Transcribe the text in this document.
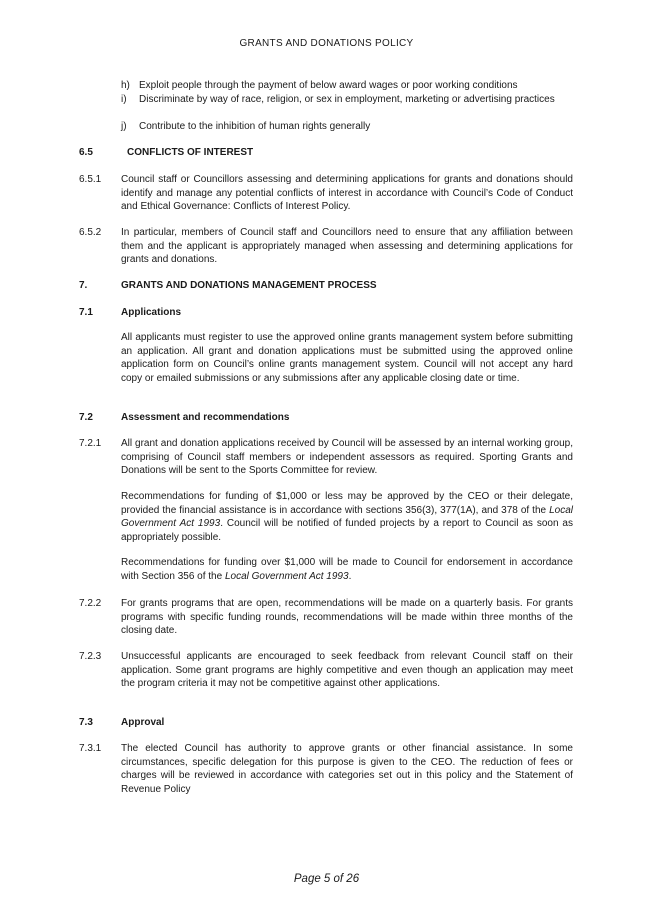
GRANTS AND DONATIONS POLICY
h) Exploit people through the payment of below award wages or poor working conditions
i) Discriminate by way of race, religion, or sex in employment, marketing or advertising practices
j) Contribute to the inhibition of human rights generally
6.5	CONFLICTS OF INTEREST
6.5.1 Council staff or Councillors assessing and determining applications for grants and donations should identify and manage any potential conflicts of interest in accordance with Council’s Code of Conduct and Ethical Governance: Conflicts of Interest Policy.
6.5.2 In particular, members of Council staff and Councillors need to ensure that any affiliation between them and the applicant is appropriately managed when assessing and determining applications for grants and donations.
7.	GRANTS AND DONATIONS MANAGEMENT PROCESS
7.1	Applications
All applicants must register to use the approved online grants management system before submitting an application. All grant and donation applications must be submitted using the approved online application form on Council’s online grants management system. Council will not accept any hard copy or emailed submissions or any submissions after any applicable closing date or time.
7.2	Assessment and recommendations
7.2.1 All grant and donation applications received by Council will be assessed by an internal working group, comprising of Council staff members or independent assessors as required. Sporting Grants and Donations will be sent to the Sports Committee for review.
Recommendations for funding of $1,000 or less may be approved by the CEO or their delegate, provided the financial assistance is in accordance with sections 356(3), 377(1A), and 378 of the Local Government Act 1993. Council will be notified of funded projects by a report to Council as soon as appropriately possible.
Recommendations for funding over $1,000 will be made to Council for endorsement in accordance with Section 356 of the Local Government Act 1993.
7.2.2 For grants programs that are open, recommendations will be made on a quarterly basis. For grants programs with specific funding rounds, recommendations will be made within three months of the closing date.
7.2.3 Unsuccessful applicants are encouraged to seek feedback from relevant Council staff on their application. Some grant programs are highly competitive and even though an application may meet the program criteria it may not be competitive against other applications.
7.3	Approval
7.3.1 The elected Council has authority to approve grants or other financial assistance. In some circumstances, specific delegation for this purpose is given to the CEO. The reduction of fees or charges will be reviewed in accordance with categories set out in this policy and the Statement of Revenue Policy
Page 5 of 26
